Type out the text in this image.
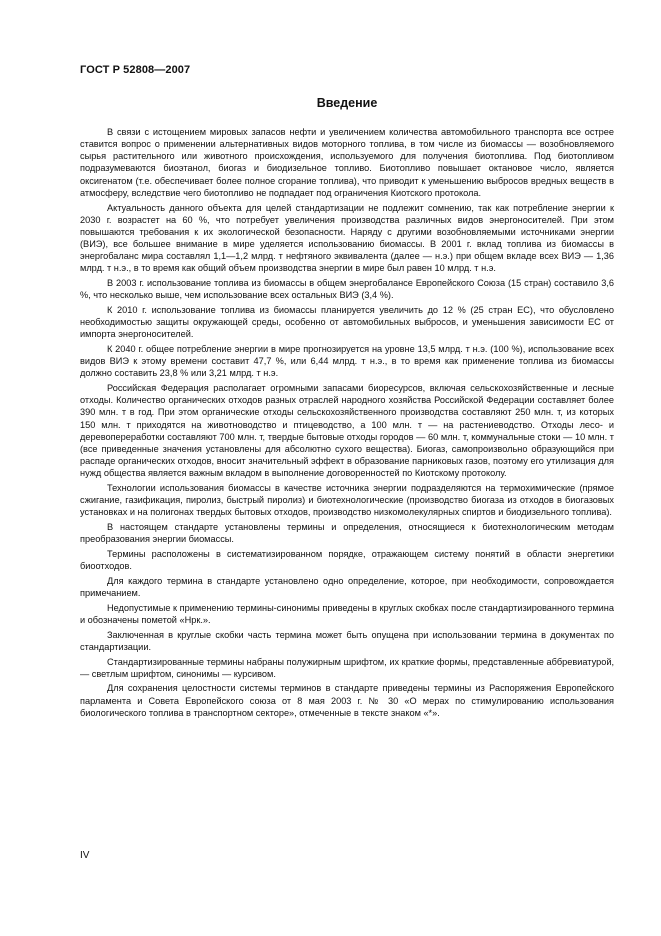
ГОСТ Р 52808—2007
Введение

В связи с истощением мировых запасов нефти и увеличением количества автомобильного транспорта все острее ставится вопрос о применении альтернативных видов моторного топлива, в том числе из биомассы — возобновляемого сырья растительного или животного происхождения, используемого для получения биотоплива. Под биотопливом подразумеваются биоэтанол, биогаз и биодизельное топливо. Биотопливо повышает октановое число, является оксигенатом (т.е. обеспечивает более полное сгорание топлива), что приводит к уменьшению выбросов вредных веществ в атмосферу, вследствие чего биотопливо не подпадает под ограничения Киотского протокола.

Актуальность данного объекта для целей стандартизации не подлежит сомнению, так как потребление энергии к 2030 г. возрастет на 60 %, что потребует увеличения производства различных видов энергоносителей. При этом повышаются требования к их экологической безопасности. Наряду с другими возобновляемыми источниками энергии (ВИЭ), все большее внимание в мире уделяется использованию биомассы. В 2001 г. вклад топлива из биомассы в энергобаланс мира составлял 1,1—1,2 млрд. т нефтяного эквивалента (далее — н.э.) при общем вкладе всех ВИЭ — 1,36 млрд. т н.э., в то время как общий объем производства энергии в мире был равен 10 млрд. т н.э.

В 2003 г. использование топлива из биомассы в общем энергобалансе Европейского Союза (15 стран) составило 3,6 %, что несколько выше, чем использование всех остальных ВИЭ (3,4 %).

К 2010 г. использование топлива из биомассы планируется увеличить до 12 % (25 стран ЕС), что обусловлено необходимостью защиты окружающей среды, особенно от автомобильных выбросов, и уменьшения зависимости ЕС от импорта энергоносителей.

К 2040 г. общее потребление энергии в мире прогнозируется на уровне 13,5 млрд. т н.э. (100 %), использование всех видов ВИЭ к этому времени составит 47,7 %, или 6,44 млрд. т н.э., в то время как применение топлива из биомассы должно составить 23,8 % или 3,21 млрд. т н.э.

Российская Федерация располагает огромными запасами биоресурсов, включая сельскохозяйственные и лесные отходы. Количество органических отходов разных отраслей народного хозяйства Российской Федерации составляет более 390 млн. т в год. При этом органические отходы сельскохозяйственного производства составляют 250 млн. т, из которых 150 млн. т приходятся на животноводство и птицеводство, а 100 млн. т — на растениеводство. Отходы лесо- и деревопереработки составляют 700 млн. т, твердые бытовые отходы городов — 60 млн. т, коммунальные стоки — 10 млн. т (все приведенные значения установлены для абсолютно сухого вещества). Биогаз, самопроизвольно образующийся при распаде органических отходов, вносит значительный эффект в образование парниковых газов, поэтому его утилизация для нужд общества является важным вкладом в выполнение договоренностей по Киотскому протоколу.

Технологии использования биомассы в качестве источника энергии подразделяются на термохимические (прямое сжигание, газификация, пиролиз, быстрый пиролиз) и биотехнологические (производство биогаза из отходов в биогазовых установках и на полигонах твердых бытовых отходов, производство низкомолекулярных спиртов и биодизельного топлива).

В настоящем стандарте установлены термины и определения, относящиеся к биотехнологическим методам преобразования энергии биомассы.

Термины расположены в систематизированном порядке, отражающем систему понятий в области энергетики биоотходов.

Для каждого термина в стандарте установлено одно определение, которое, при необходимости, сопровождается примечанием.

Недопустимые к применению термины-синонимы приведены в круглых скобках после стандартизированного термина и обозначены пометой «Нрк.».

Заключенная в круглые скобки часть термина может быть опущена при использовании термина в документах по стандартизации.

Стандартизированные термины набраны полужирным шрифтом, их краткие формы, представленные аббревиатурой, — светлым шрифтом, синонимы — курсивом.

Для сохранения целостности системы терминов в стандарте приведены термины из Распоряжения Европейского парламента и Совета Европейского союза от 8 мая 2003 г. № 30 «О мерах по стимулированию использования биологического топлива в транспортном секторе», отмеченные в тексте знаком «*».

IV
